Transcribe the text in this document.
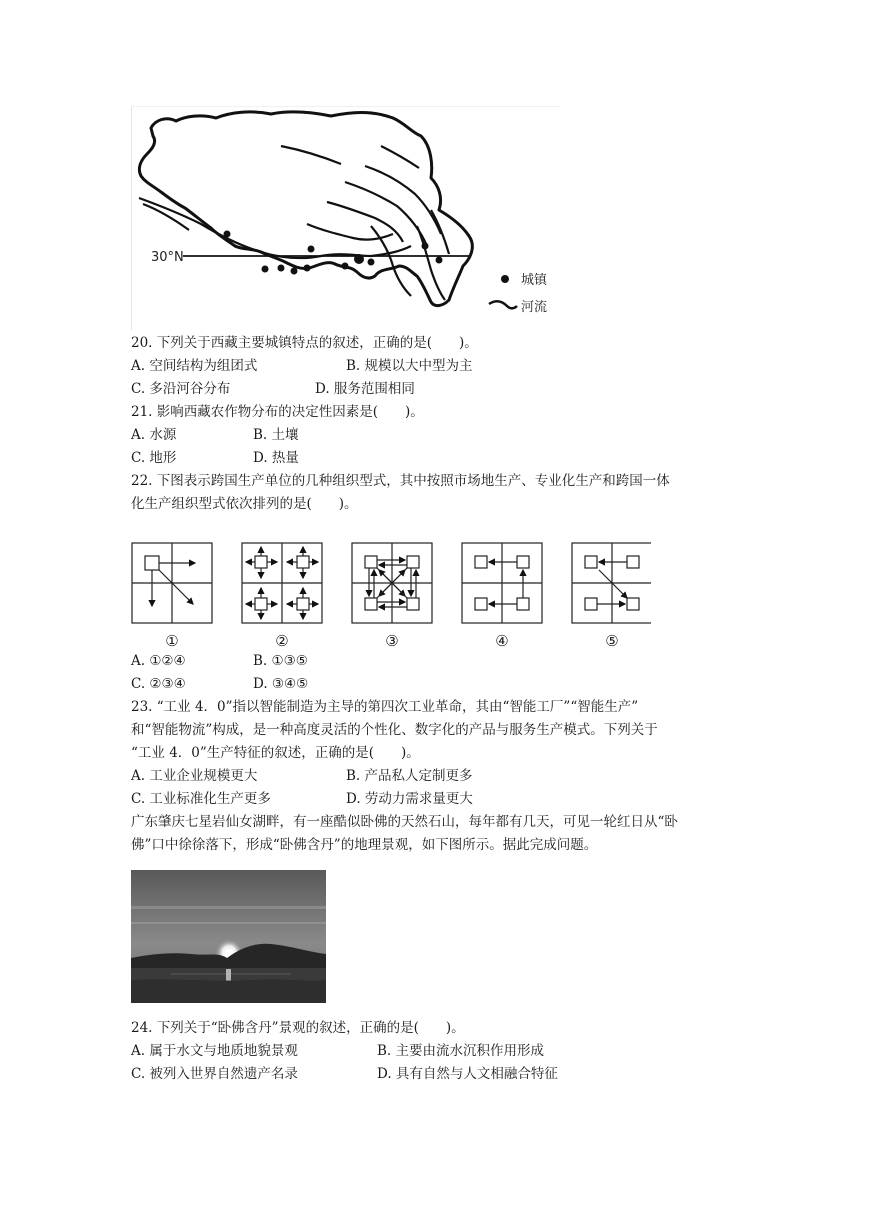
30°N
城镇
河流
20. 下列关于西藏主要城镇特点的叙述，正确的是(　　)。
A. 空间结构为组团式	B. 规模以大中型为主
C. 多沿河谷分布	D. 服务范围相同
21. 影响西藏农作物分布的决定性因素是(　　)。
A. 水源	B. 土壤
C. 地形	D. 热量
22. 下图表示跨国生产单位的几种组织型式，其中按照市场地生产、专业化生产和跨国一体
化生产组织型式依次排列的是(　　)。
①	②	③	④	⑤
A. ①②④	B. ①③⑤
C. ②③④	D. ③④⑤
23. “工业 4．0”指以智能制造为主导的第四次工业革命，其由“智能工厂”“智能生产”
和“智能物流”构成，是一种高度灵活的个性化、数字化的产品与服务生产模式。下列关于
“工业 4．0”生产特征的叙述，正确的是(　　)。
A. 工业企业规模更大	B. 产品私人定制更多
C. 工业标准化生产更多	D. 劳动力需求量更大
广东肇庆七星岩仙女湖畔，有一座酷似卧佛的天然石山，每年都有几天，可见一轮红日从“卧
佛”口中徐徐落下，形成“卧佛含丹”的地理景观，如下图所示。据此完成问题。
24. 下列关于“卧佛含丹”景观的叙述，正确的是(　　)。
A. 属于水文与地质地貌景观	B. 主要由流水沉积作用形成
C. 被列入世界自然遗产名录	D. 具有自然与人文相融合特征
